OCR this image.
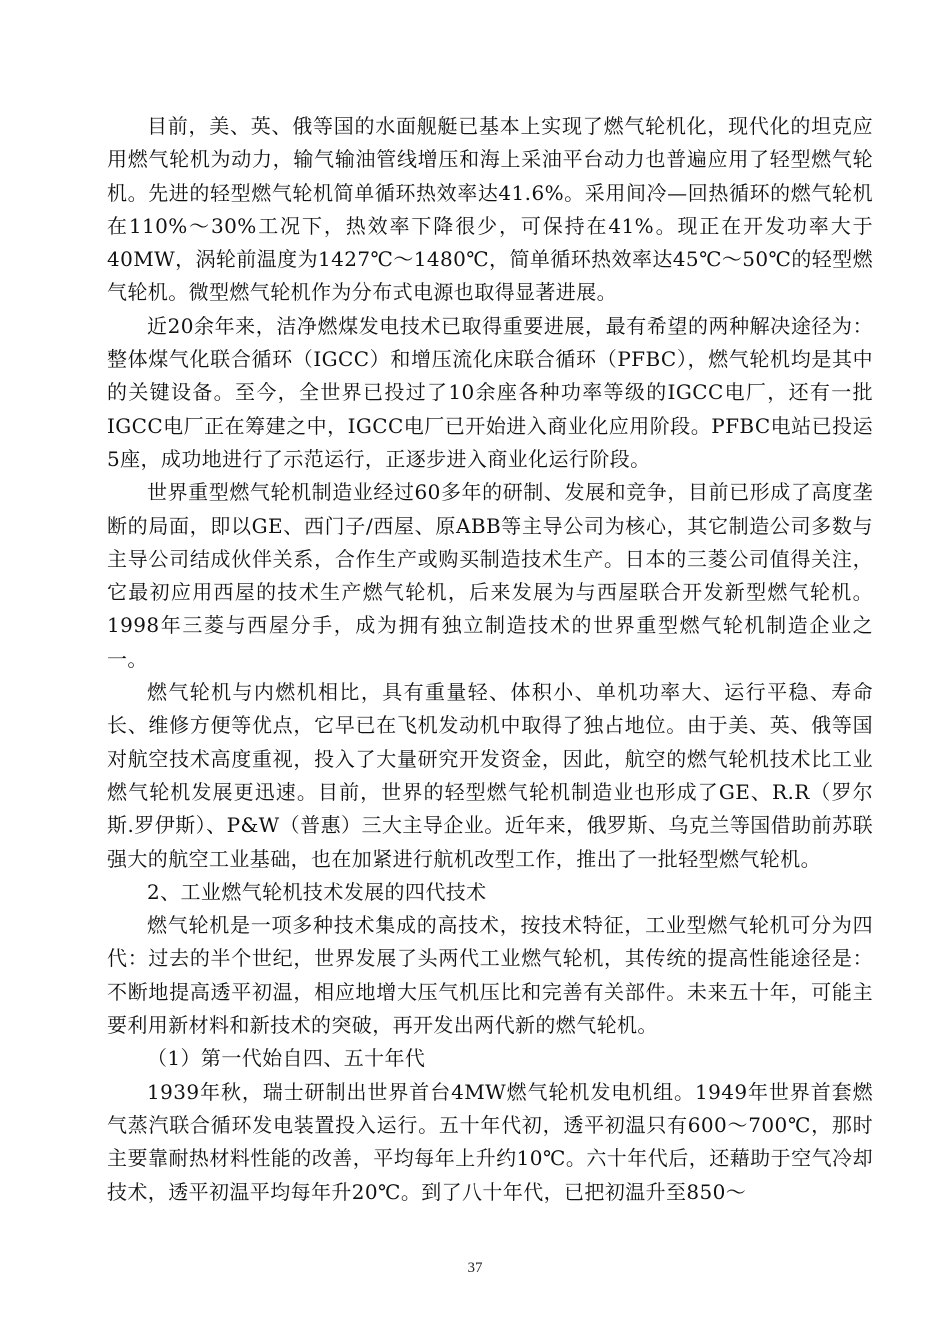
目前，美、英、俄等国的水面舰艇已基本上实现了燃气轮机化，现代化的坦克应用燃气轮机为动力，输气输油管线增压和海上采油平台动力也普遍应用了轻型燃气轮机。先进的轻型燃气轮机简单循环热效率达41.6%。采用间冷—回热循环的燃气轮机在110%～30%工况下，热效率下降很少，可保持在41%。现正在开发功率大于40MW，涡轮前温度为1427℃～1480℃，简单循环热效率达45℃～50℃的轻型燃气轮机。微型燃气轮机作为分布式电源也取得显著进展。

近20余年来，洁净燃煤发电技术已取得重要进展，最有希望的两种解决途径为：整体煤气化联合循环（IGCC）和增压流化床联合循环（PFBC），燃气轮机均是其中的关键设备。至今，全世界已投过了10余座各种功率等级的IGCC电厂，还有一批IGCC电厂正在筹建之中，IGCC电厂已开始进入商业化应用阶段。PFBC电站已投运5座，成功地进行了示范运行，正逐步进入商业化运行阶段。

世界重型燃气轮机制造业经过60多年的研制、发展和竞争，目前已形成了高度垄断的局面，即以GE、西门子/西屋、原ABB等主导公司为核心，其它制造公司多数与主导公司结成伙伴关系，合作生产或购买制造技术生产。日本的三菱公司值得关注，它最初应用西屋的技术生产燃气轮机，后来发展为与西屋联合开发新型燃气轮机。1998年三菱与西屋分手，成为拥有独立制造技术的世界重型燃气轮机制造企业之一。

燃气轮机与内燃机相比，具有重量轻、体积小、单机功率大、运行平稳、寿命长、维修方便等优点，它早已在飞机发动机中取得了独占地位。由于美、英、俄等国对航空技术高度重视，投入了大量研究开发资金，因此，航空的燃气轮机技术比工业燃气轮机发展更迅速。目前，世界的轻型燃气轮机制造业也形成了GE、R.R（罗尔斯.罗伊斯）、P&W（普惠）三大主导企业。近年来，俄罗斯、乌克兰等国借助前苏联强大的航空工业基础，也在加紧进行航机改型工作，推出了一批轻型燃气轮机。

2、工业燃气轮机技术发展的四代技术

燃气轮机是一项多种技术集成的高技术，按技术特征，工业型燃气轮机可分为四代：过去的半个世纪，世界发展了头两代工业燃气轮机，其传统的提高性能途径是：不断地提高透平初温，相应地增大压气机压比和完善有关部件。未来五十年，可能主要利用新材料和新技术的突破，再开发出两代新的燃气轮机。

（1）第一代始自四、五十年代

1939年秋，瑞士研制出世界首台4MW燃气轮机发电机组。1949年世界首套燃气蒸汽联合循环发电装置投入运行。五十年代初，透平初温只有600～700℃，那时主要靠耐热材料性能的改善，平均每年上升约10℃。六十年代后，还藉助于空气冷却技术，透平初温平均每年升20℃。到了八十年代，已把初温升至850～

37
